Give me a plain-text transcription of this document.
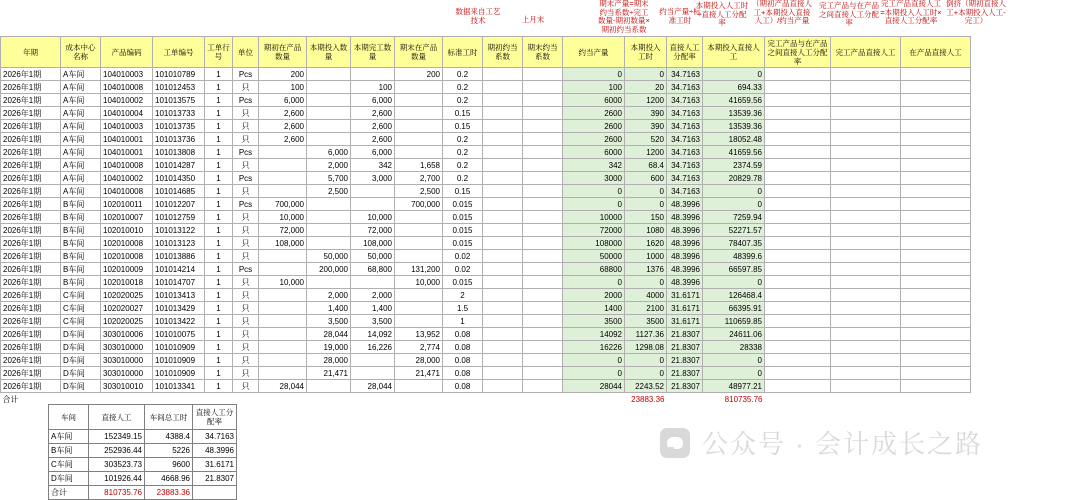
数据来自工艺技术	上月末
期末产量=期末约当系数÷完工数量-期初数量×期初约当系数
约当产量÷标准工时
本期投入人工时÷直接人工分配率
（期初产品直接人工+本期投入直接人工）/约当产量
完工产品与在产品之间直接人工分配率
完工产品直接人工=本期投入人工时×直接人工分配率
倒挤（期初直接人工+本期投入人工-完工）
年期	成本中心名称	产品编码	工单编号	工单行号	单位	期初在产品数量	本期投入数量	本期完工数量	期末在产品数量	标准工时	期初约当系数	期末约当系数	约当产量	本期投入工时	直接人工分配率	本期投入直接人工	完工产品与在产品之间直接人工分配率	完工产品直接人工	在产品直接人工
2026年1期	A车间	104010003	101010789	1	Pcs	200			200	0.2			0	0	34.7163	0			
2026年1期	A车间	104010008	101012453	1	只	100		100		0.2			100	20	34.7163	694.33			
2026年1期	A车间	104010002	101013575	1	Pcs	6,000		6,000		0.2			6000	1200	34.7163	41659.56			
2026年1期	A车间	104010004	101013733	1	只	2,600		2,600		0.15			2600	390	34.7163	13539.36			
2026年1期	A车间	104010003	101013735	1	只	2,600		2,600		0.15			2600	390	34.7163	13539.36			
2026年1期	A车间	104010001	101013736	1	只	2,600		2,600		0.2			2600	520	34.7163	18052.48			
2026年1期	A车间	104010001	101013808	1	Pcs		6,000	6,000		0.2			6000	1200	34.7163	41659.56			
2026年1期	A车间	104010008	101014287	1	只		2,000	342	1,658	0.2			342	68.4	34.7163	2374.59			
2026年1期	A车间	104010002	101014350	1	Pcs		5,700	3,000	2,700	0.2			3000	600	34.7163	20829.78			
2026年1期	A车间	104010008	101014685	1	只		2,500		2,500	0.15			0	0	34.7163	0			
2026年1期	B车间	102010011	101012207	1	Pcs	700,000			700,000	0.015			0	0	48.3996	0			
2026年1期	B车间	102010007	101012759	1	只	10,000		10,000		0.015			10000	150	48.3996	7259.94			
2026年1期	B车间	102010010	101013122	1	只	72,000		72,000		0.015			72000	1080	48.3996	52271.57			
2026年1期	B车间	102010008	101013123	1	只	108,000		108,000		0.015			108000	1620	48.3996	78407.35			
2026年1期	B车间	102010008	101013886	1	只		50,000	50,000		0.02			50000	1000	48.3996	48399.6			
2026年1期	B车间	102010009	101014214	1	Pcs		200,000	68,800	131,200	0.02			68800	1376	48.3996	66597.85			
2026年1期	B车间	102010018	101014707	1	只	10,000			10,000	0.015			0	0	48.3996	0			
2026年1期	C车间	102020025	101013413	1	只		2,000	2,000		2			2000	4000	31.6171	126468.4			
2026年1期	C车间	102020027	101013429	1	只		1,400	1,400		1.5			1400	2100	31.6171	66395.91			
2026年1期	C车间	102020025	101013422	1	只		3,500	3,500		1			3500	3500	31.6171	110659.85			
2026年1期	D车间	303010006	101010075	1	只		28,044	14,092	13,952	0.08			14092	1127.36	21.8307	24611.06			
2026年1期	D车间	303010000	101010909	1	只		19,000	16,226	2,774	0.08			16226	1298.08	21.8307	28338			
2026年1期	D车间	303010000	101010909	1	只		28,000		28,000	0.08			0	0	21.8307	0			
2026年1期	D车间	303010000	101010909	1	只		21,471		21,471	0.08			0	0	21.8307	0			
2026年1期	D车间	303010010	101013341	1	只	28,044		28,044		0.08			28044	2243.52	21.8307	48977.21			
合计														23883.36		810735.76			
车间	直接人工	车间总工时	直接人工分配率
A车间	152349.15	4388.4	34.7163
B车间	252936.44	5226	48.3996
C车间	303523.73	9600	31.6171
D车间	101926.44	4668.96	21.8307
合计	810735.76	23883.36	
公众号 · 会计成长之路
